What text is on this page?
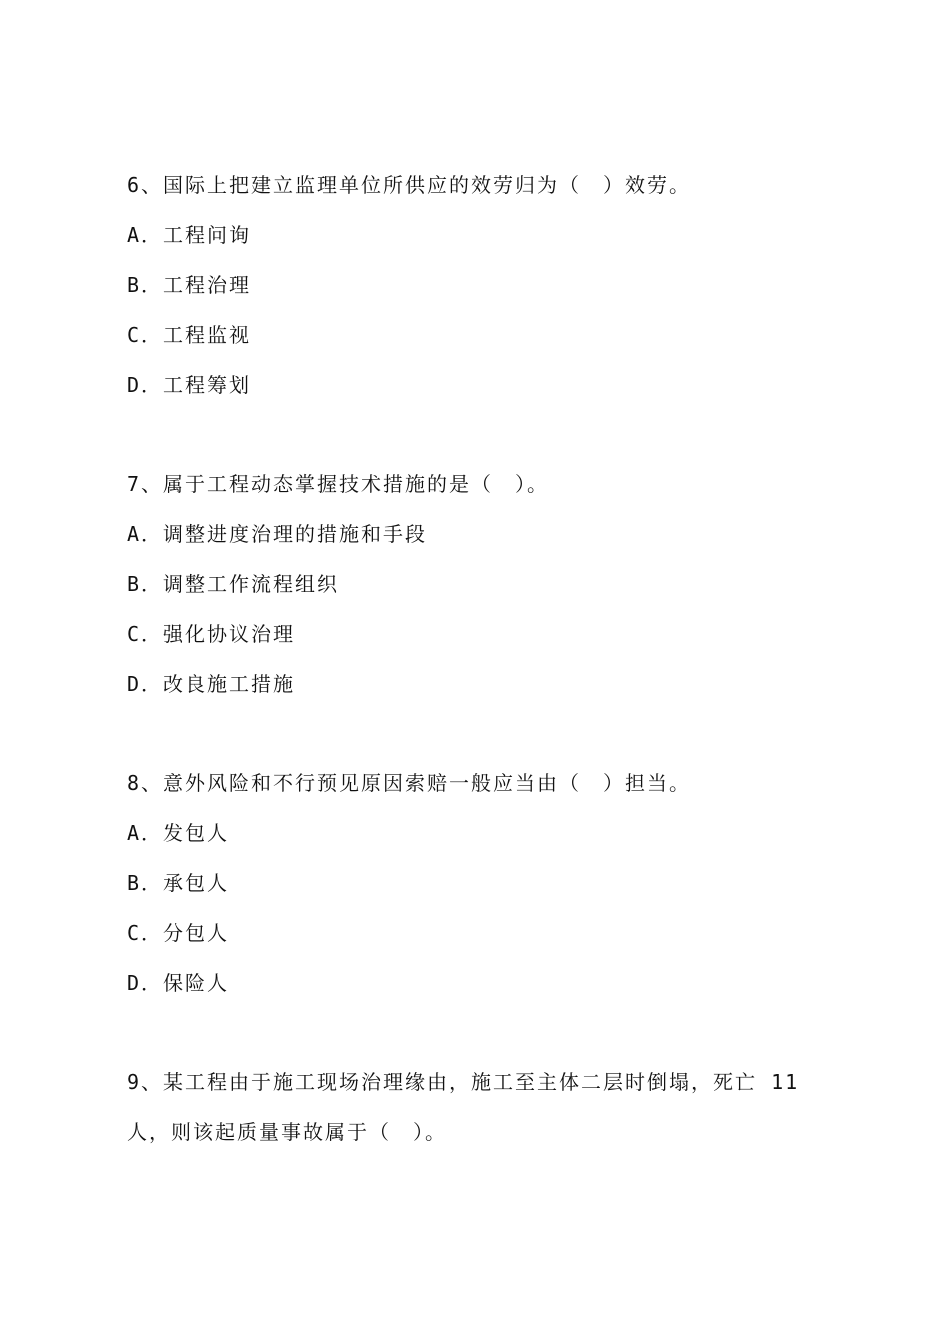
6、国际上把建立监理单位所供应的效劳归为（　）效劳。

A．工程问询

B．工程治理

C．工程监视

D．工程筹划

7、属于工程动态掌握技术措施的是（　）。

A．调整进度治理的措施和手段

B．调整工作流程组织

C．强化协议治理

D．改良施工措施

8、意外风险和不行预见原因索赔一般应当由（　）担当。

A．发包人

B．承包人

C．分包人

D．保险人

9、某工程由于施工现场治理缘由，施工至主体二层时倒塌，死亡 11人，则该起质量事故属于（　）。
